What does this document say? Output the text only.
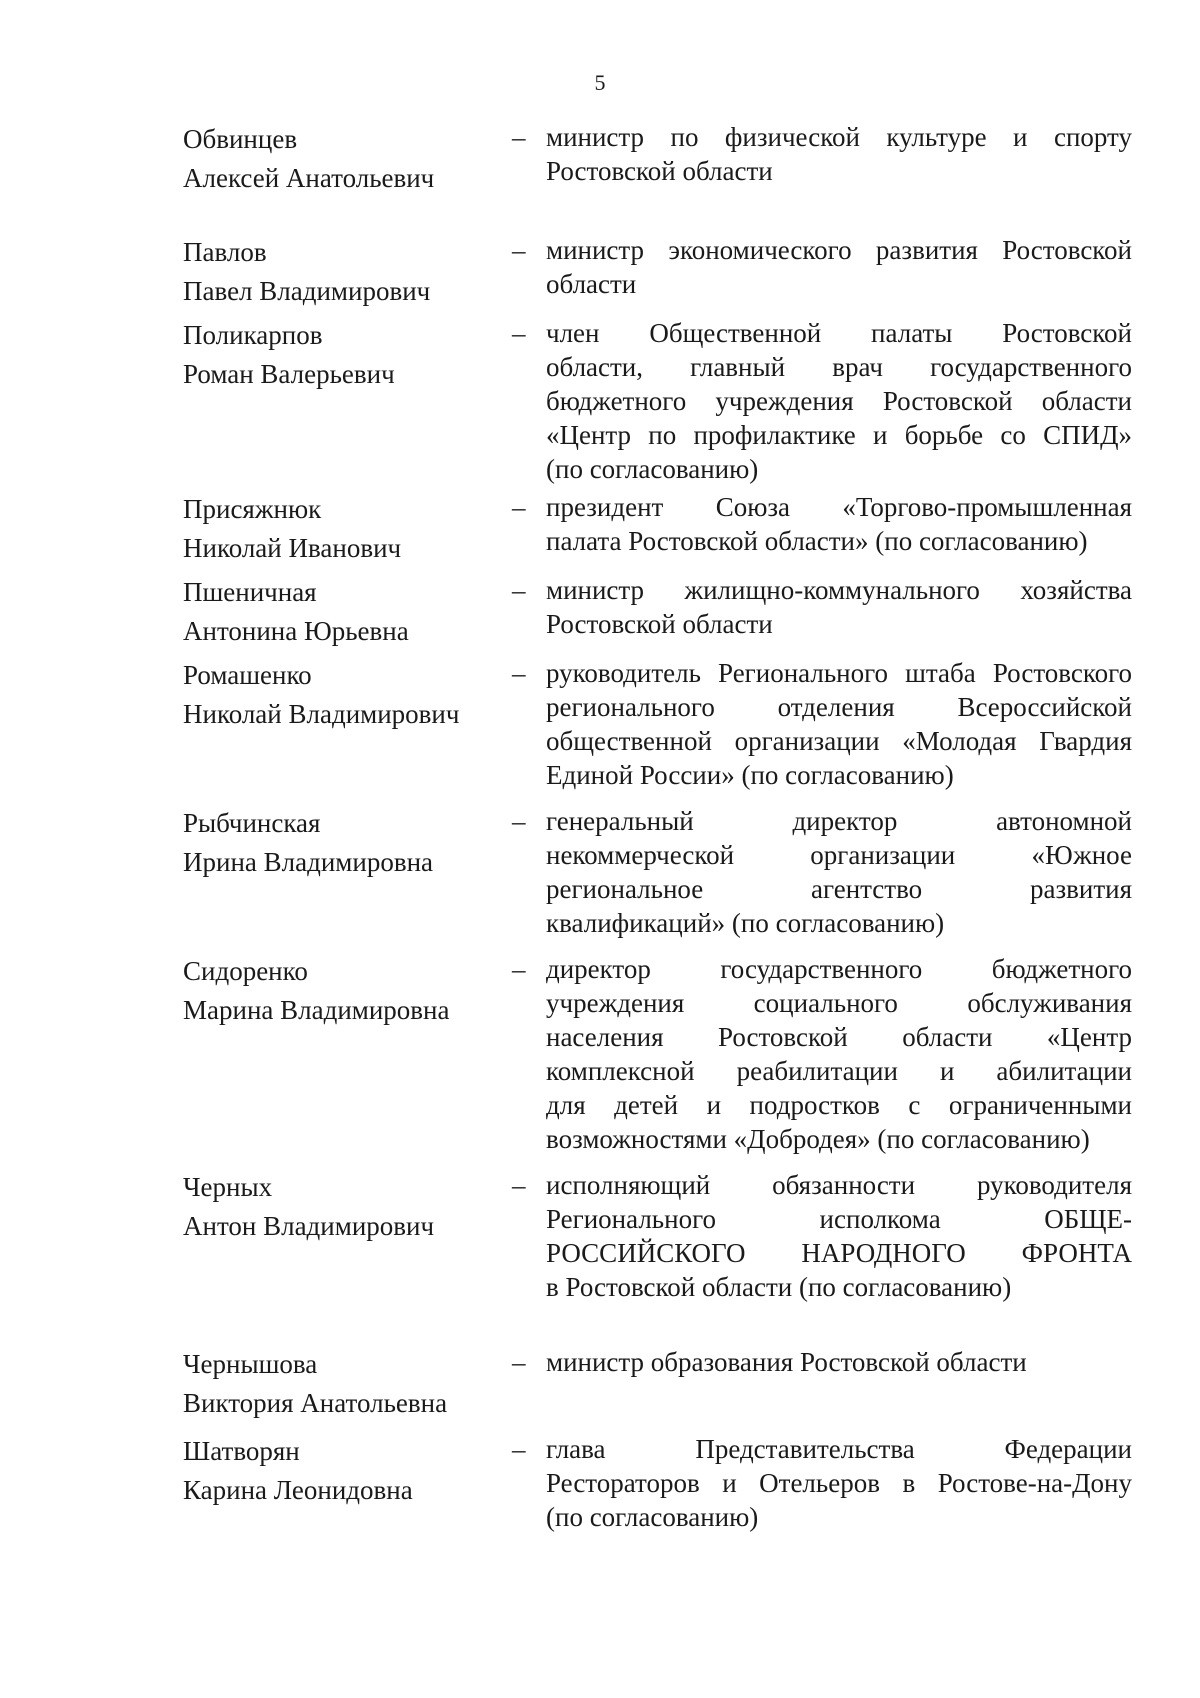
5
Обвинцев
Алексей Анатольевич
– министр по физической культуре и спорту
Ростовской области
Павлов
Павел Владимирович
– министр экономического развития Ростовской
области
Поликарпов
Роман Валерьевич
– член Общественной палаты Ростовской
области, главный врач государственного
бюджетного учреждения Ростовской области
«Центр по профилактике и борьбе со СПИД»
(по согласованию)
Присяжнюк
Николай Иванович
– президент Союза «Торгово-промышленная
палата Ростовской области» (по согласованию)
Пшеничная
Антонина Юрьевна
– министр жилищно-коммунального хозяйства
Ростовской области
Ромашенко
Николай Владимирович
– руководитель Регионального штаба Ростовского
регионального отделения Всероссийской
общественной организации «Молодая Гвардия
Единой России» (по согласованию)
Рыбчинская
Ирина Владимировна
– генеральный директор автономной
некоммерческой организации «Южное
региональное агентство развития
квалификаций» (по согласованию)
Сидоренко
Марина Владимировна
– директор государственного бюджетного
учреждения социального обслуживания
населения Ростовской области «Центр
комплексной реабилитации и абилитации
для детей и подростков с ограниченными
возможностями «Добродея» (по согласованию)
Черных
Антон Владимирович
– исполняющий обязанности руководителя
Регионального исполкома ОБЩЕ-
РОССИЙСКОГО НАРОДНОГО ФРОНТА
в Ростовской области (по согласованию)
Чернышова
Виктория Анатольевна
– министр образования Ростовской области
Шатворян
Карина Леонидовна
– глава Представительства Федерации
Рестораторов и Отельеров в Ростове-на-Дону
(по согласованию)
